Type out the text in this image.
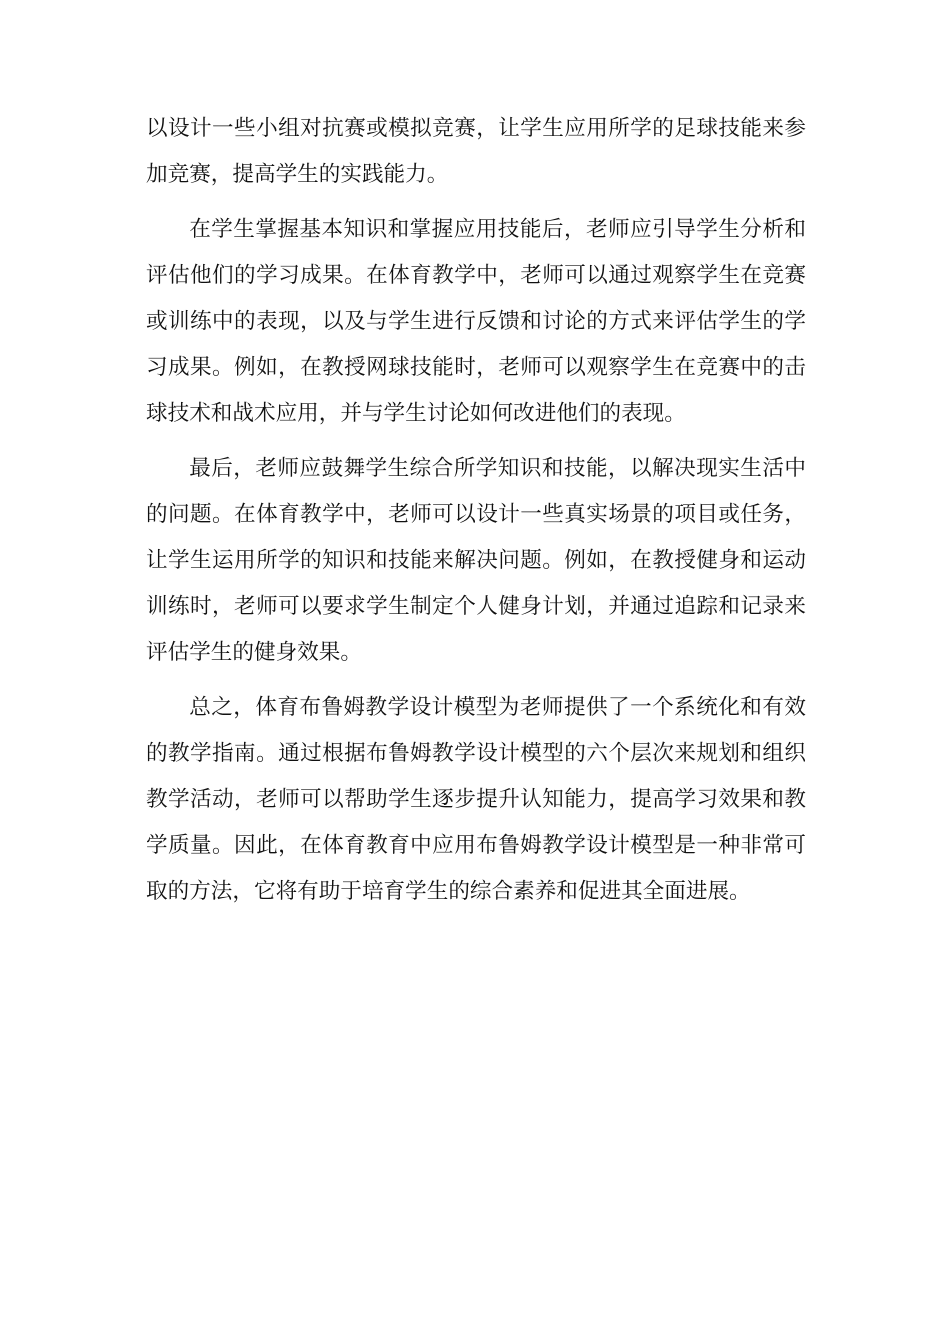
以设计一些小组对抗赛或模拟竞赛，让学生应用所学的足球技能来参加竞赛，提高学生的实践能力。

在学生掌握基本知识和掌握应用技能后，老师应引导学生分析和评估他们的学习成果。在体育教学中，老师可以通过观察学生在竞赛或训练中的表现，以及与学生进行反馈和讨论的方式来评估学生的学习成果。例如，在教授网球技能时，老师可以观察学生在竞赛中的击球技术和战术应用，并与学生讨论如何改进他们的表现。

最后，老师应鼓舞学生综合所学知识和技能，以解决现实生活中的问题。在体育教学中，老师可以设计一些真实场景的项目或任务，让学生运用所学的知识和技能来解决问题。例如，在教授健身和运动训练时，老师可以要求学生制定个人健身计划，并通过追踪和记录来评估学生的健身效果。

总之，体育布鲁姆教学设计模型为老师提供了一个系统化和有效的教学指南。通过根据布鲁姆教学设计模型的六个层次来规划和组织教学活动，老师可以帮助学生逐步提升认知能力，提高学习效果和教学质量。因此，在体育教育中应用布鲁姆教学设计模型是一种非常可取的方法，它将有助于培育学生的综合素养和促进其全面进展。
